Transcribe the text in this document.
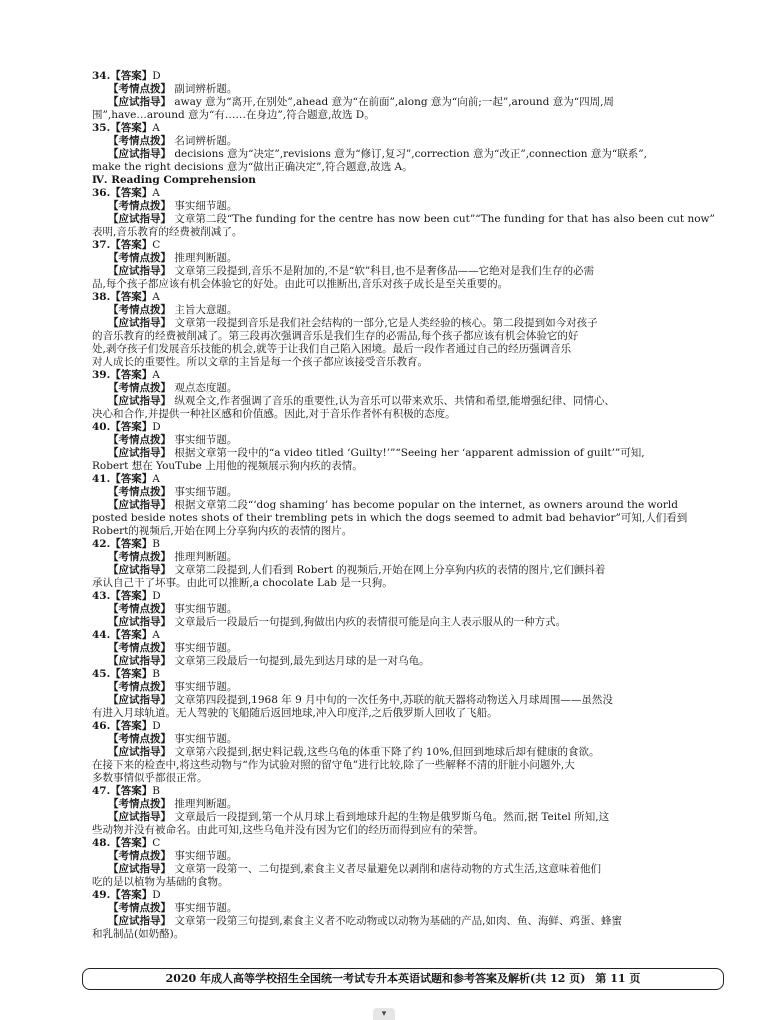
34.【答案】D
【考情点拨】 副词辨析题。
【应试指导】 away 意为“离开,在别处”,ahead 意为“在前面”,along 意为“向前;一起”,around 意为“四周,周
围”,have…around 意为“有……在身边”,符合题意,故选 D。
35.【答案】A
【考情点拨】 名词辨析题。
【应试指导】 decisions 意为“决定”,revisions 意为“修订,复习”,correction 意为“改正”,connection 意为“联系”,
make the right decisions 意为“做出正确决定”,符合题意,故选 A。
Ⅳ. Reading Comprehension
36.【答案】A
【考情点拨】 事实细节题。
【应试指导】 文章第二段“The funding for the centre has now been cut”“The funding for that has also been cut now”
表明,音乐教育的经费被削减了。
37.【答案】C
【考情点拨】 推理判断题。
【应试指导】 文章第三段提到,音乐不是附加的,不是“软”科目,也不是奢侈品——它绝对是我们生存的必需
品,每个孩子都应该有机会体验它的好处。由此可以推断出,音乐对孩子成长是至关重要的。
38.【答案】A
【考情点拨】 主旨大意题。
【应试指导】 文章第一段提到音乐是我们社会结构的一部分,它是人类经验的核心。第二段提到如今对孩子
的音乐教育的经费被削减了。第三段再次强调音乐是我们生存的必需品,每个孩子都应该有机会体验它的好
处,剥夺孩子们发展音乐技能的机会,就等于让我们自己陷入困境。最后一段作者通过自己的经历强调音乐
对人成长的重要性。所以文章的主旨是每一个孩子都应该接受音乐教育。
39.【答案】A
【考情点拨】 观点态度题。
【应试指导】 纵观全文,作者强调了音乐的重要性,认为音乐可以带来欢乐、共情和希望,能增强纪律、同情心、
决心和合作,并提供一种社区感和价值感。因此,对于音乐作者怀有积极的态度。
40.【答案】D
【考情点拨】 事实细节题。
【应试指导】 根据文章第一段中的“a video titled ‘Guilty!’”“Seeing her ‘apparent admission of guilt’”可知,
Robert 想在 YouTube 上用他的视频展示狗内疚的表情。
41.【答案】A
【考情点拨】 事实细节题。
【应试指导】 根据文章第二段“‘dog shaming’ has become popular on the internet, as owners around the world
posted beside notes shots of their trembling pets in which the dogs seemed to admit bad behavior”可知,人们看到
Robert的视频后,开始在网上分享狗内疚的表情的图片。
42.【答案】B
【考情点拨】 推理判断题。
【应试指导】 文章第二段提到,人们看到 Robert 的视频后,开始在网上分享狗内疚的表情的图片,它们颤抖着
承认自己干了坏事。由此可以推断,a chocolate Lab 是一只狗。
43.【答案】D
【考情点拨】 事实细节题。
【应试指导】 文章最后一段最后一句提到,狗做出内疚的表情很可能是向主人表示服从的一种方式。
44.【答案】A
【考情点拨】 事实细节题。
【应试指导】 文章第三段最后一句提到,最先到达月球的是一对乌龟。
45.【答案】B
【考情点拨】 事实细节题。
【应试指导】 文章第四段提到,1968 年 9 月中旬的一次任务中,苏联的航天器将动物送入月球周围——虽然没
有进入月球轨道。无人驾驶的飞船随后返回地球,冲入印度洋,之后俄罗斯人回收了飞船。
46.【答案】D
【考情点拨】 事实细节题。
【应试指导】 文章第六段提到,据史料记载,这些乌龟的体重下降了约 10%,但回到地球后却有健康的食欲。
在接下来的检查中,将这些动物与“作为试验对照的留守龟”进行比较,除了一些解释不清的肝脏小问题外,大
多数事情似乎都很正常。
47.【答案】B
【考情点拨】 推理判断题。
【应试指导】 文章最后一段提到,第一个从月球上看到地球升起的生物是俄罗斯乌龟。然而,据 Teitel 所知,这
些动物并没有被命名。由此可知,这些乌龟并没有因为它们的经历而得到应有的荣誉。
48.【答案】C
【考情点拨】 事实细节题。
【应试指导】 文章第一段第一、二句提到,素食主义者尽量避免以剥削和虐待动物的方式生活,这意味着他们
吃的是以植物为基础的食物。
49.【答案】D
【考情点拨】 事实细节题。
【应试指导】 文章第一段第三句提到,素食主义者不吃动物或以动物为基础的产品,如肉、鱼、海鲜、鸡蛋、蜂蜜
和乳制品(如奶酪)。
2020 年成人高等学校招生全国统一考试专升本英语试题和参考答案及解析(共 12 页) 第 11 页
▾
